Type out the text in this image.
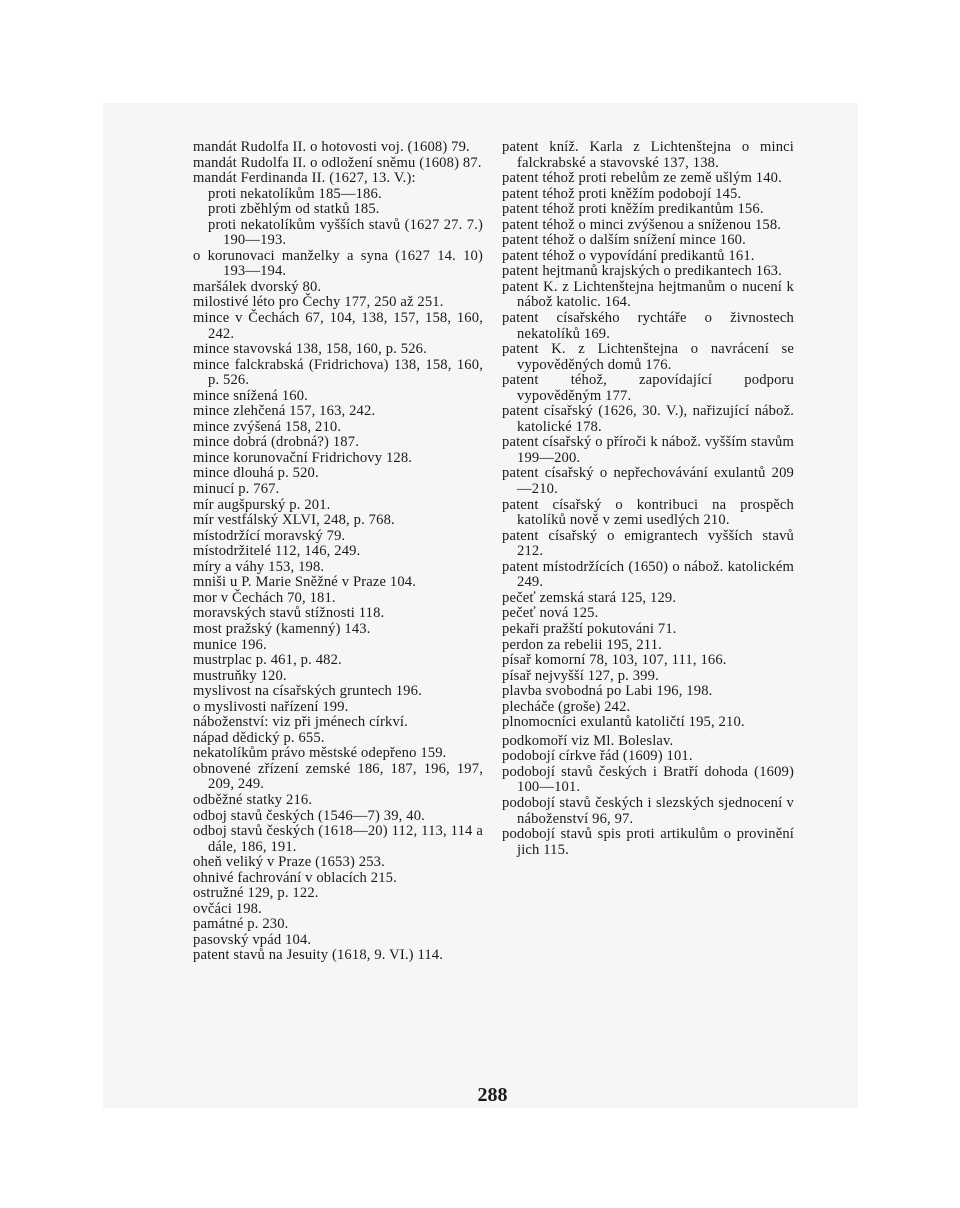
mandát Rudolfa II. o hotovosti voj. (1608) 79.
mandát Rudolfa II. o odložení sněmu (1608) 87.
mandát Ferdinanda II. (1627, 13. V.):
proti nekatolíkům 185—186.
proti zběhlým od statků 185.
proti nekatolíkům vyšších stavů (1627 27. 7.) 190—193.
o korunovaci manželky a syna (1627 14. 10) 193—194.
maršálek dvorský 80.
milostivé léto pro Čechy 177, 250 až 251.
mince v Čechách 67, 104, 138, 157, 158, 160, 242.
mince stavovská 138, 158, 160, p. 526.
mince falckrabská (Fridrichova) 138, 158, 160, p. 526.
mince snížená 160.
mince zlehčená 157, 163, 242.
mince zvýšená 158, 210.
mince dobrá (drobná?) 187.
mince korunovační Fridrichovy 128.
mince dlouhá p. 520.
minucí p. 767.
mír augšpurský p. 201.
mír vestfálský XLVI, 248, p. 768.
místodržící moravský 79.
místodržitelé 112, 146, 249.
míry a váhy 153, 198.
mniši u P. Marie Sněžné v Praze 104.
mor v Čechách 70, 181.
moravských stavů stížnosti 118.
most pražský (kamenný) 143.
munice 196.
mustrplac p. 461, p. 482.
mustruňky 120.
myslivost na císařských gruntech 196.
o myslivosti nařízení 199.
náboženství: viz při jménech církví.
nápad dědický p. 655.
nekatolíkům právo městské odepřeno 159.
obnovené zřízení zemské 186, 187, 196, 197, 209, 249.
odběžné statky 216.
odboj stavů českých (1546—7) 39, 40.
odboj stavů českých (1618—20) 112, 113, 114 a dále, 186, 191.
oheň veliký v Praze (1653) 253.
ohnivé fachrování v oblacích 215.
ostružné 129, p. 122.
ovčáci 198.
památné p. 230.
pasovský vpád 104.
patent stavů na Jesuity (1618, 9. VI.) 114.
patent kníž. Karla z Lichtenštejna o minci falckrabské a stavovské 137, 138.
patent téhož proti rebelům ze země ušlým 140.
patent téhož proti kněžím podobojí 145.
patent téhož proti kněžím predikantům 156.
patent téhož o minci zvýšenou a sníženou 158.
patent téhož o dalším snížení mince 160.
patent téhož o vypovídání predikantů 161.
patent hejtmanů krajských o predikantech 163.
patent K. z Lichtenštejna hejtmanům o nucení k nábož katolic. 164.
patent císařského rychtáře o živnostech nekatolíků 169.
patent K. z Lichtenštejna o navrácení se vypověděných domů 176.
patent téhož, zapovídající podporu vypověděným 177.
patent císařský (1626, 30. V.), nařizující nábož. katolické 178.
patent císařský o příroči k nábož. vyšším stavům 199—200.
patent císařský o nepřechovávání exulantů 209—210.
patent císařský o kontribuci na prospěch katolíků nově v zemi usedlých 210.
patent císařský o emigrantech vyšších stavů 212.
patent místodržících (1650) o nábož. katolickém 249.
pečeť zemská stará 125, 129.
pečeť nová 125.
pekaři pražští pokutováni 71.
perdon za rebelii 195, 211.
písař komorní 78, 103, 107, 111, 166.
písař nejvyšší 127, p. 399.
plavba svobodná po Labi 196, 198.
plecháče (groše) 242.
plnomocníci exulantů katoličtí 195, 210.
podkomoří viz Ml. Boleslav.
podobojí církve řád (1609) 101.
podobojí stavů českých i Bratří dohoda (1609) 100—101.
podobojí stavů českých i slezských sjednocení v náboženství 96, 97.
podobojí stavů spis proti artikulům o provinění jich 115.
288
